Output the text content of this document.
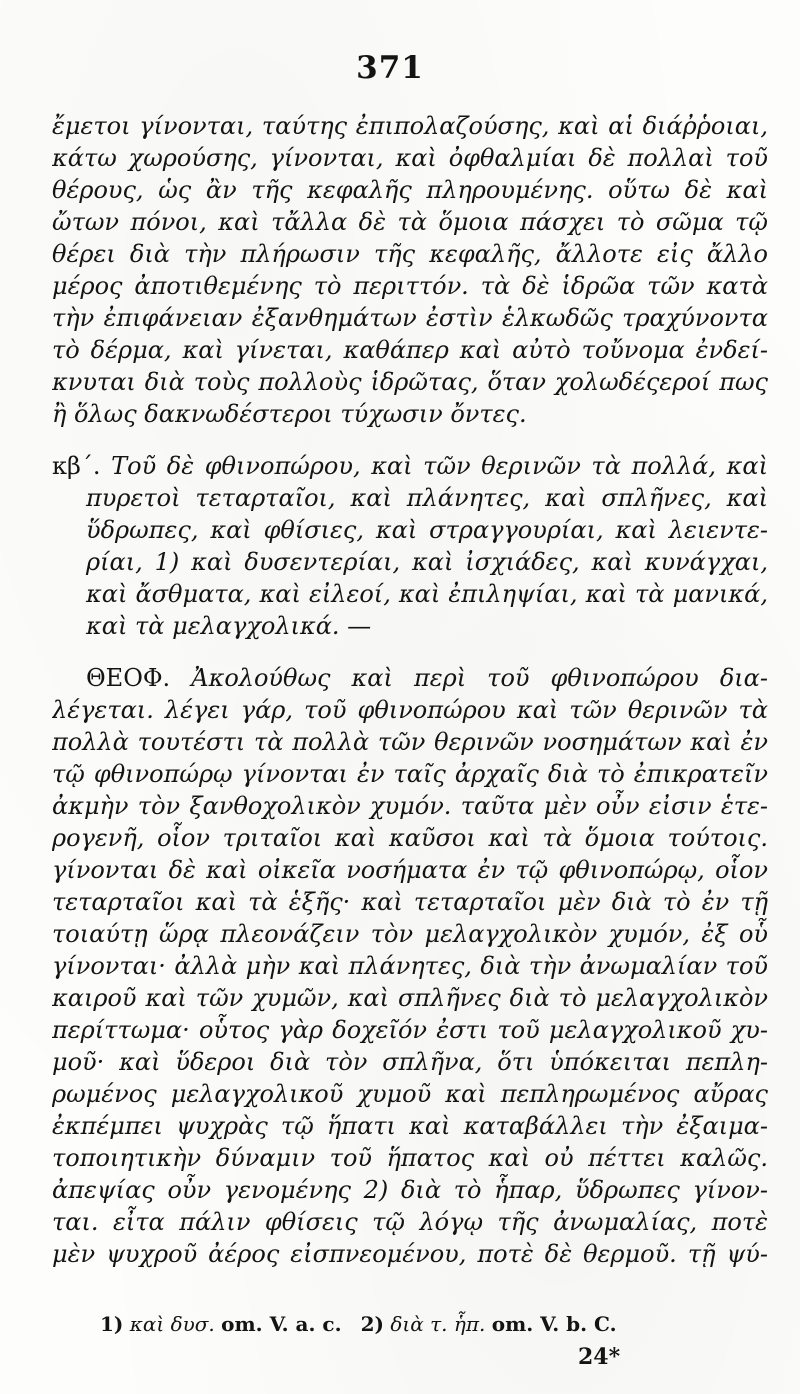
371
ἔμετοι γίνονται, ταύτης ἐπιπολαζούσης, καὶ αἱ διάῤῥοιαι,
κάτω χωρούσης, γίνονται, καὶ ὀφθαλμίαι δὲ πολλαὶ τοῦ
θέρους, ὡς ἂν τῆς κεφαλῆς πληρουμένης. οὕτω δὲ καὶ
ὤτων πόνοι, καὶ τἄλλα δὲ τὰ ὅμοια πάσχει τὸ σῶμα τῷ
θέρει διὰ τὴν πλήρωσιν τῆς κεφαλῆς, ἄλλοτε εἰς ἄλλο
μέρος ἀποτιθεμένης τὸ περιττόν. τὰ δὲ ἱδρῶα τῶν κατὰ
τὴν ἐπιφάνειαν ἐξανθημάτων ἐστὶν ἑλκωδῶς τραχύνοντα
τὸ δέρμα, καὶ γίνεται, καθάπερ καὶ αὐτὸ τοὔνομα ἐνδεί-
κνυται διὰ τοὺς πολλοὺς ἱδρῶτας, ὅταν χολωδέςεροί πως
ἢ ὅλως δακνωδέστεροι τύχωσιν ὄντες.
κβ΄. Τοῦ δὲ φθινοπώρου, καὶ τῶν θερινῶν τὰ πολλά, καὶ
πυρετοὶ τεταρταῖοι, καὶ πλάνητες, καὶ σπλῆνες, καὶ
ὕδρωπες, καὶ φθίσιες, καὶ στραγγουρίαι, καὶ λειεντε-
ρίαι, 1) καὶ δυσεντερίαι, καὶ ἰσχιάδες, καὶ κυνάγχαι,
καὶ ἄσθματα, καὶ εἰλεοί, καὶ ἐπιληψίαι, καὶ τὰ μανικά,
καὶ τὰ μελαγχολικά. —
ΘΕΟΦ. Ἀκολούθως καὶ περὶ τοῦ φθινοπώρου δια-
λέγεται. λέγει γάρ, τοῦ φθινοπώρου καὶ τῶν θερινῶν τὰ
πολλὰ τουτέστι τὰ πολλὰ τῶν θερινῶν νοσημάτων καὶ ἐν
τῷ φθινοπώρῳ γίνονται ἐν ταῖς ἀρχαῖς διὰ τὸ ἐπικρατεῖν
ἀκμὴν τὸν ξανθοχολικὸν χυμόν. ταῦτα μὲν οὖν εἰσιν ἑτε-
ρογενῆ, οἷον τριταῖοι καὶ καῦσοι καὶ τὰ ὅμοια τούτοις.
γίνονται δὲ καὶ οἰκεῖα νοσήματα ἐν τῷ φθινοπώρῳ, οἷον
τεταρταῖοι καὶ τὰ ἑξῆς· καὶ τεταρταῖοι μὲν διὰ τὸ ἐν τῇ
τοιαύτῃ ὥρᾳ πλεονάζειν τὸν μελαγχολικὸν χυμόν, ἐξ οὗ
γίνονται· ἀλλὰ μὴν καὶ πλάνητες, διὰ τὴν ἀνωμαλίαν τοῦ
καιροῦ καὶ τῶν χυμῶν, καὶ σπλῆνες διὰ τὸ μελαγχολικὸν
περίττωμα· οὗτος γὰρ δοχεῖόν ἐστι τοῦ μελαγχολικοῦ χυ-
μοῦ· καὶ ὕδεροι διὰ τὸν σπλῆνα, ὅτι ὑπόκειται πεπλη-
ρωμένος μελαγχολικοῦ χυμοῦ καὶ πεπληρωμένος αὔρας
ἐκπέμπει ψυχρὰς τῷ ἥπατι καὶ καταβάλλει τὴν ἐξαιμα-
τοποιητικὴν δύναμιν τοῦ ἥπατος καὶ οὐ πέττει καλῶς.
ἀπεψίας οὖν γενομένης 2) διὰ τὸ ἧπαρ, ὕδρωπες γίνον-
ται. εἶτα πάλιν φθίσεις τῷ λόγῳ τῆς ἀνωμαλίας, ποτὲ
μὲν ψυχροῦ ἀέρος εἰσπνεομένου, ποτὲ δὲ θερμοῦ. τῇ ψύ-
1) καὶ δυσ. om. V. a. c. 2) διὰ τ. ἧπ. om. V. b. C.
24*
